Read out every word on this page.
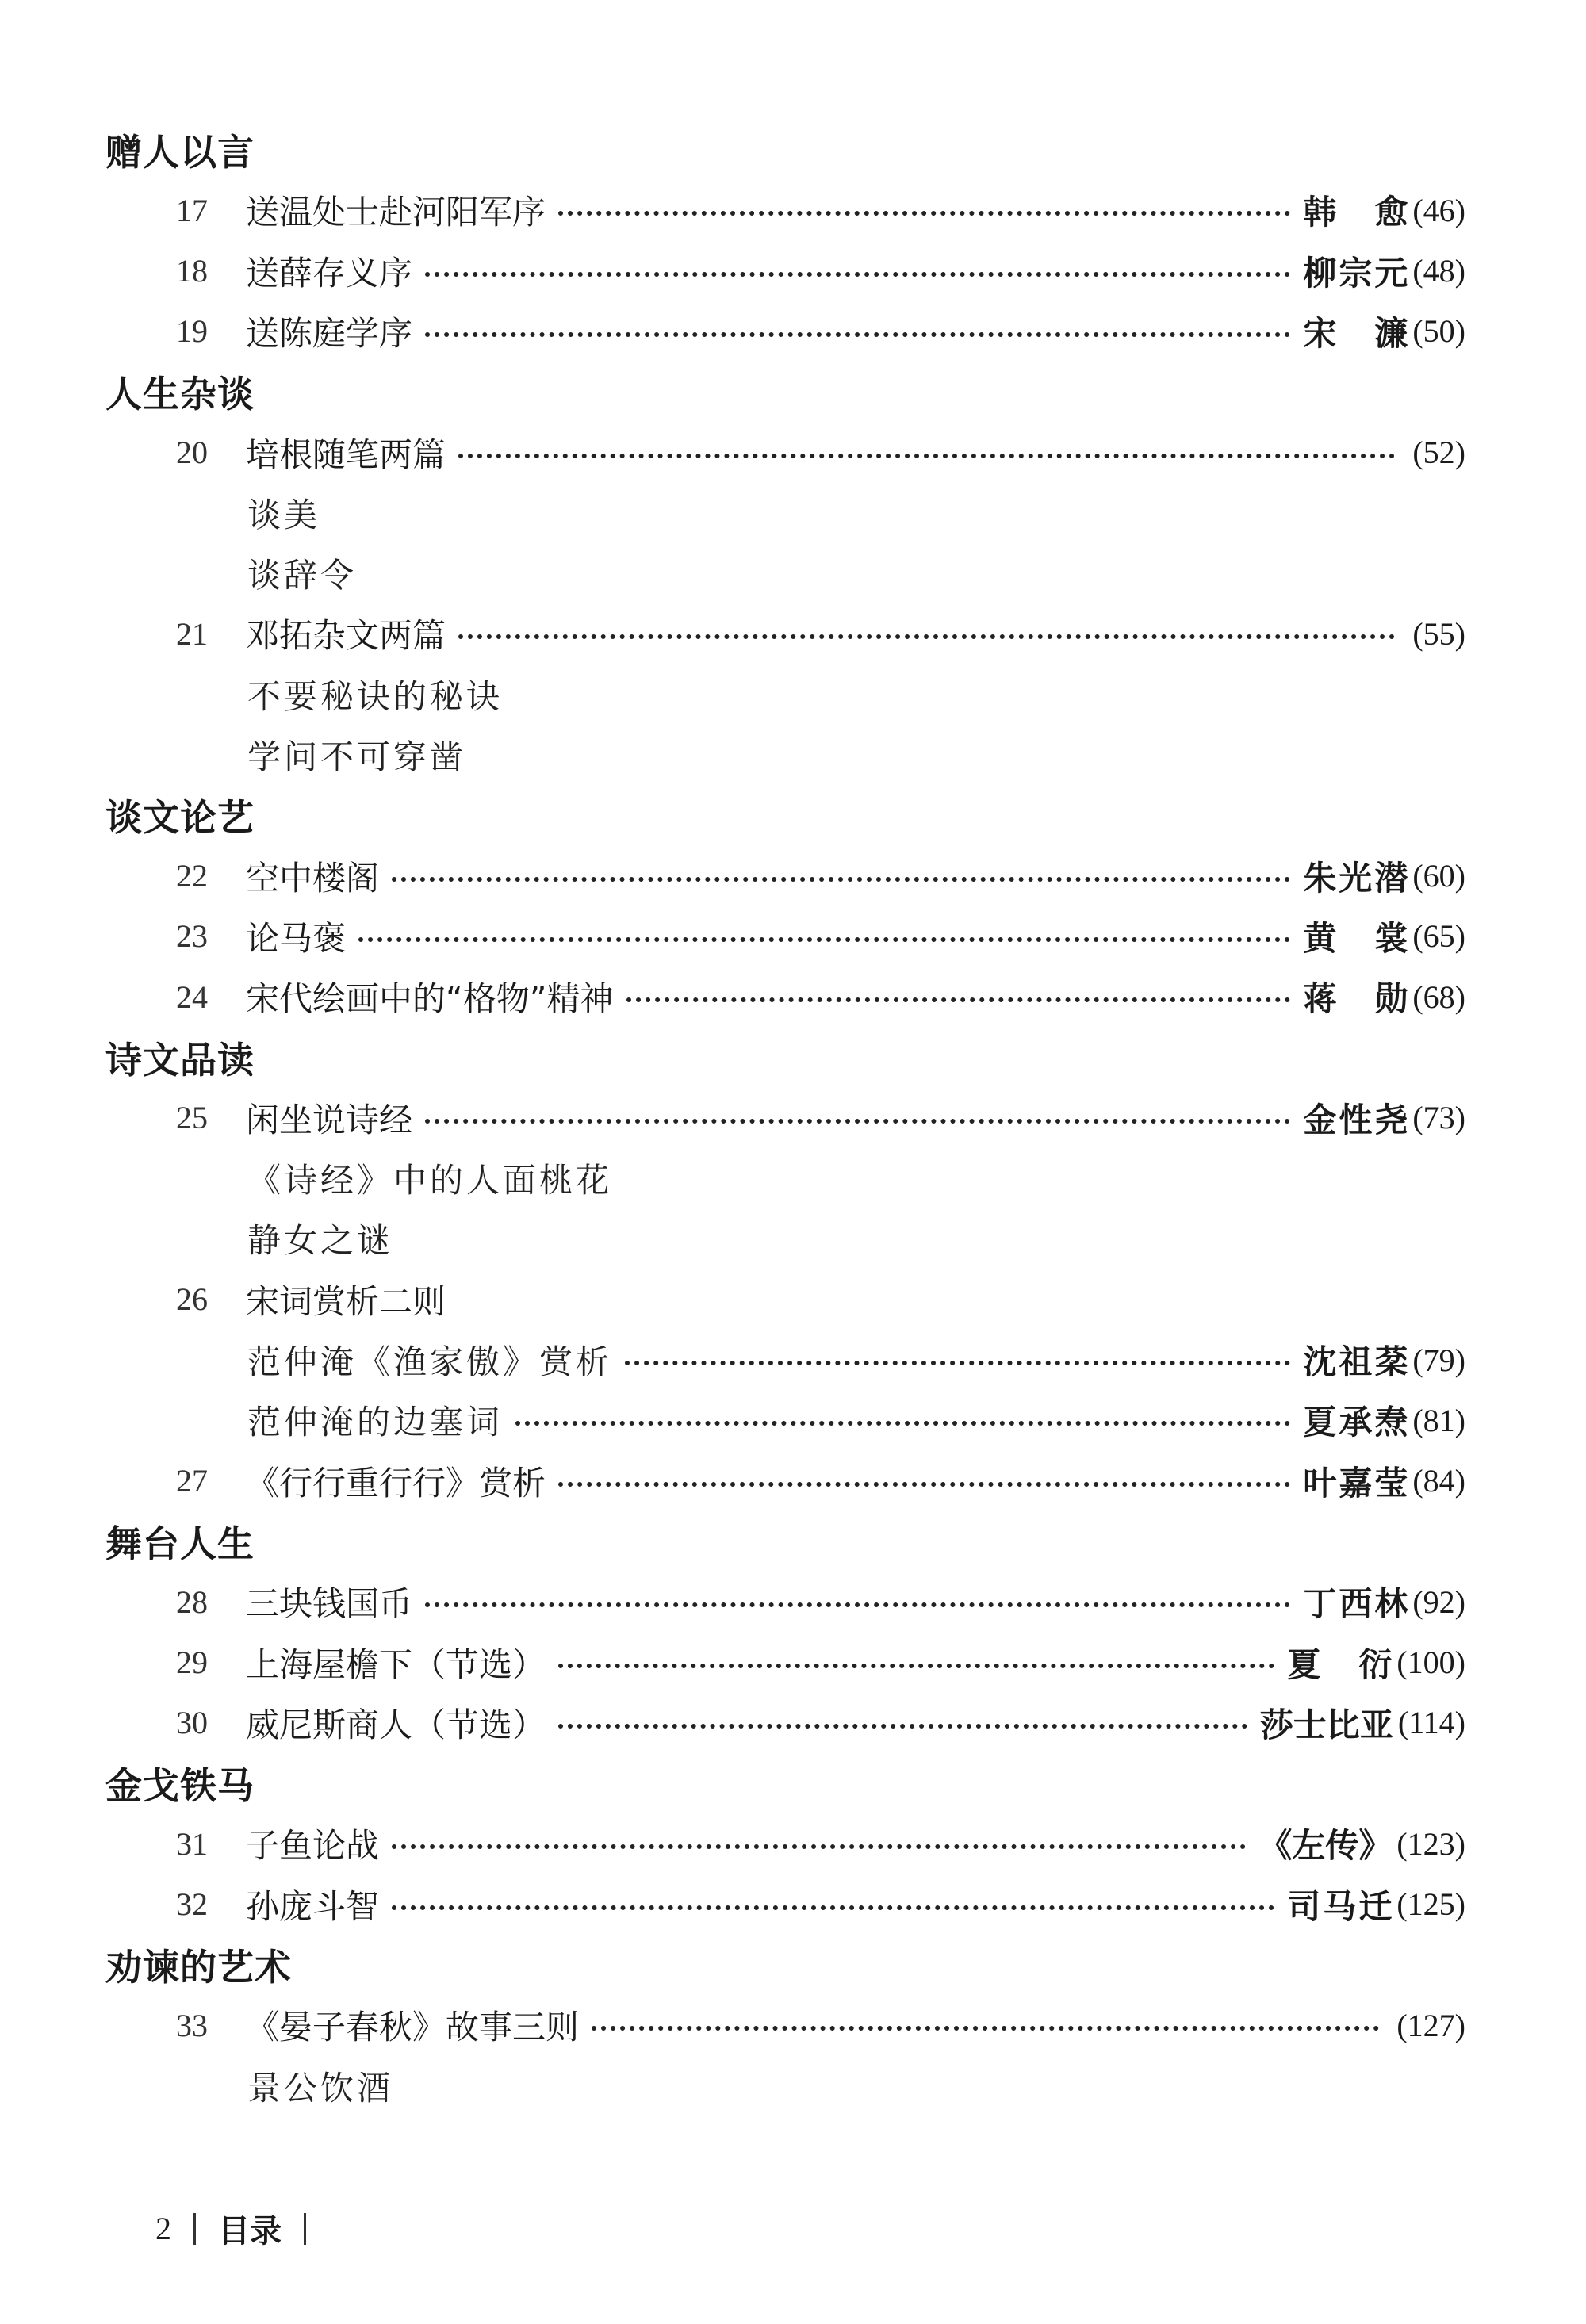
赠人以言
17	送温处士赴河阳军序	韩 愈 (46)
18	送薛存义序	柳宗元 (48)
19	送陈庭学序	宋 濂 (50)
人生杂谈
20	培根随笔两篇	(52)
谈美
谈辞令
21	邓拓杂文两篇	(55)
不要秘诀的秘诀
学问不可穿凿
谈文论艺
22	空中楼阁	朱光潜 (60)
23	论马褒	黄 裳 (65)
24	宋代绘画中的“格物”精神	蒋 勋 (68)
诗文品读
25	闲坐说诗经	金性尧 (73)
《诗经》中的人面桃花
静女之谜
26	宋词赏析二则
范仲淹《渔家傲》赏析	沈祖棻 (79)
范仲淹的边塞词	夏承焘 (81)
27	《行行重行行》赏析	叶嘉莹 (84)
舞台人生
28	三块钱国币	丁西林 (92)
29	上海屋檐下（节选）	夏 衍 (100)
30	威尼斯商人（节选）	莎士比亚 (114)
金戈铁马
31	子鱼论战	《左传》 (123)
32	孙庞斗智	司马迁 (125)
劝谏的艺术
33	《晏子春秋》故事三则	(127)
景公饮酒
2 目录
